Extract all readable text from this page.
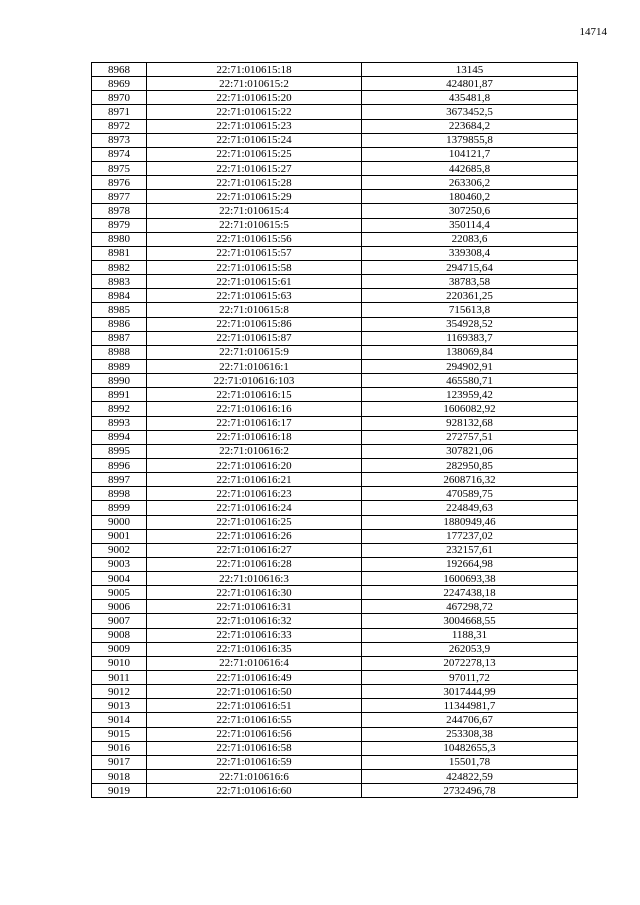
14714
8968	22:71:010615:18	13145
8969	22:71:010615:2	424801,87
8970	22:71:010615:20	435481,8
8971	22:71:010615:22	3673452,5
8972	22:71:010615:23	223684,2
8973	22:71:010615:24	1379855,8
8974	22:71:010615:25	104121,7
8975	22:71:010615:27	442685,8
8976	22:71:010615:28	263306,2
8977	22:71:010615:29	180460,2
8978	22:71:010615:4	307250,6
8979	22:71:010615:5	350114,4
8980	22:71:010615:56	22083,6
8981	22:71:010615:57	339308,4
8982	22:71:010615:58	294715,64
8983	22:71:010615:61	38783,58
8984	22:71:010615:63	220361,25
8985	22:71:010615:8	715613,8
8986	22:71:010615:86	354928,52
8987	22:71:010615:87	1169383,7
8988	22:71:010615:9	138069,84
8989	22:71:010616:1	294902,91
8990	22:71:010616:103	465580,71
8991	22:71:010616:15	123959,42
8992	22:71:010616:16	1606082,92
8993	22:71:010616:17	928132,68
8994	22:71:010616:18	272757,51
8995	22:71:010616:2	307821,06
8996	22:71:010616:20	282950,85
8997	22:71:010616:21	2608716,32
8998	22:71:010616:23	470589,75
8999	22:71:010616:24	224849,63
9000	22:71:010616:25	1880949,46
9001	22:71:010616:26	177237,02
9002	22:71:010616:27	232157,61
9003	22:71:010616:28	192664,98
9004	22:71:010616:3	1600693,38
9005	22:71:010616:30	2247438,18
9006	22:71:010616:31	467298,72
9007	22:71:010616:32	3004668,55
9008	22:71:010616:33	1188,31
9009	22:71:010616:35	262053,9
9010	22:71:010616:4	2072278,13
9011	22:71:010616:49	97011,72
9012	22:71:010616:50	3017444,99
9013	22:71:010616:51	11344981,7
9014	22:71:010616:55	244706,67
9015	22:71:010616:56	253308,38
9016	22:71:010616:58	10482655,3
9017	22:71:010616:59	15501,78
9018	22:71:010616:6	424822,59
9019	22:71:010616:60	2732496,78
